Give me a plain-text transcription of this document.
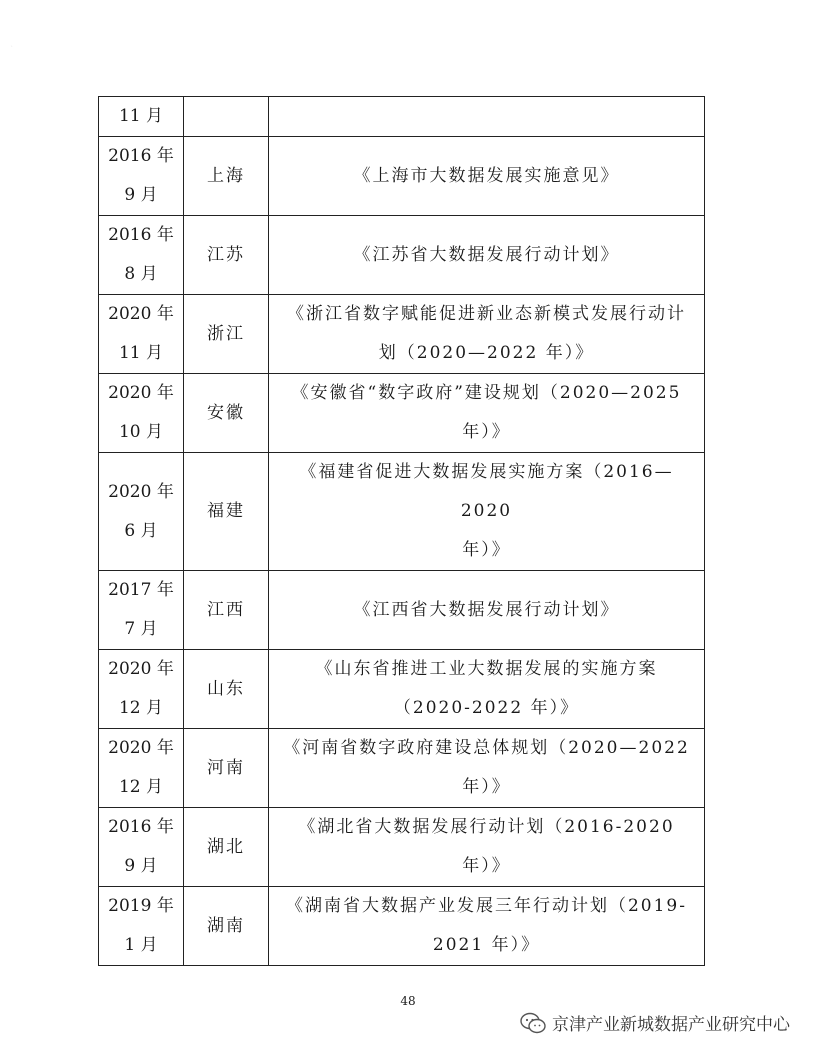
·
11 月		

2016 年
9 月	上海	《上海市大数据发展实施意见》

2016 年
8 月	江苏	《江苏省大数据发展行动计划》

2020 年
11 月	浙江	《浙江省数字赋能促进新业态新模式发展行动计
划（2020—2022 年）》

2020 年
10 月	安徽	《安徽省“数字政府”建设规划（2020—2025
年）》

2020 年
6 月	福建	《福建省促进大数据发展实施方案（2016—2020
年）》

2017 年
7 月	江西	《江西省大数据发展行动计划》

2020 年
12 月	山东	《山东省推进工业大数据发展的实施方案
（2020-2022 年）》

2020 年
12 月	河南	《河南省数字政府建设总体规划（2020—2022
年）》

2016 年
9 月	湖北	《湖北省大数据发展行动计划（2016-2020
年）》

2019 年
1 月	湖南	《湖南省大数据产业发展三年行动计划（2019-
2021 年）》
48
京津产业新城数据产业研究中心
